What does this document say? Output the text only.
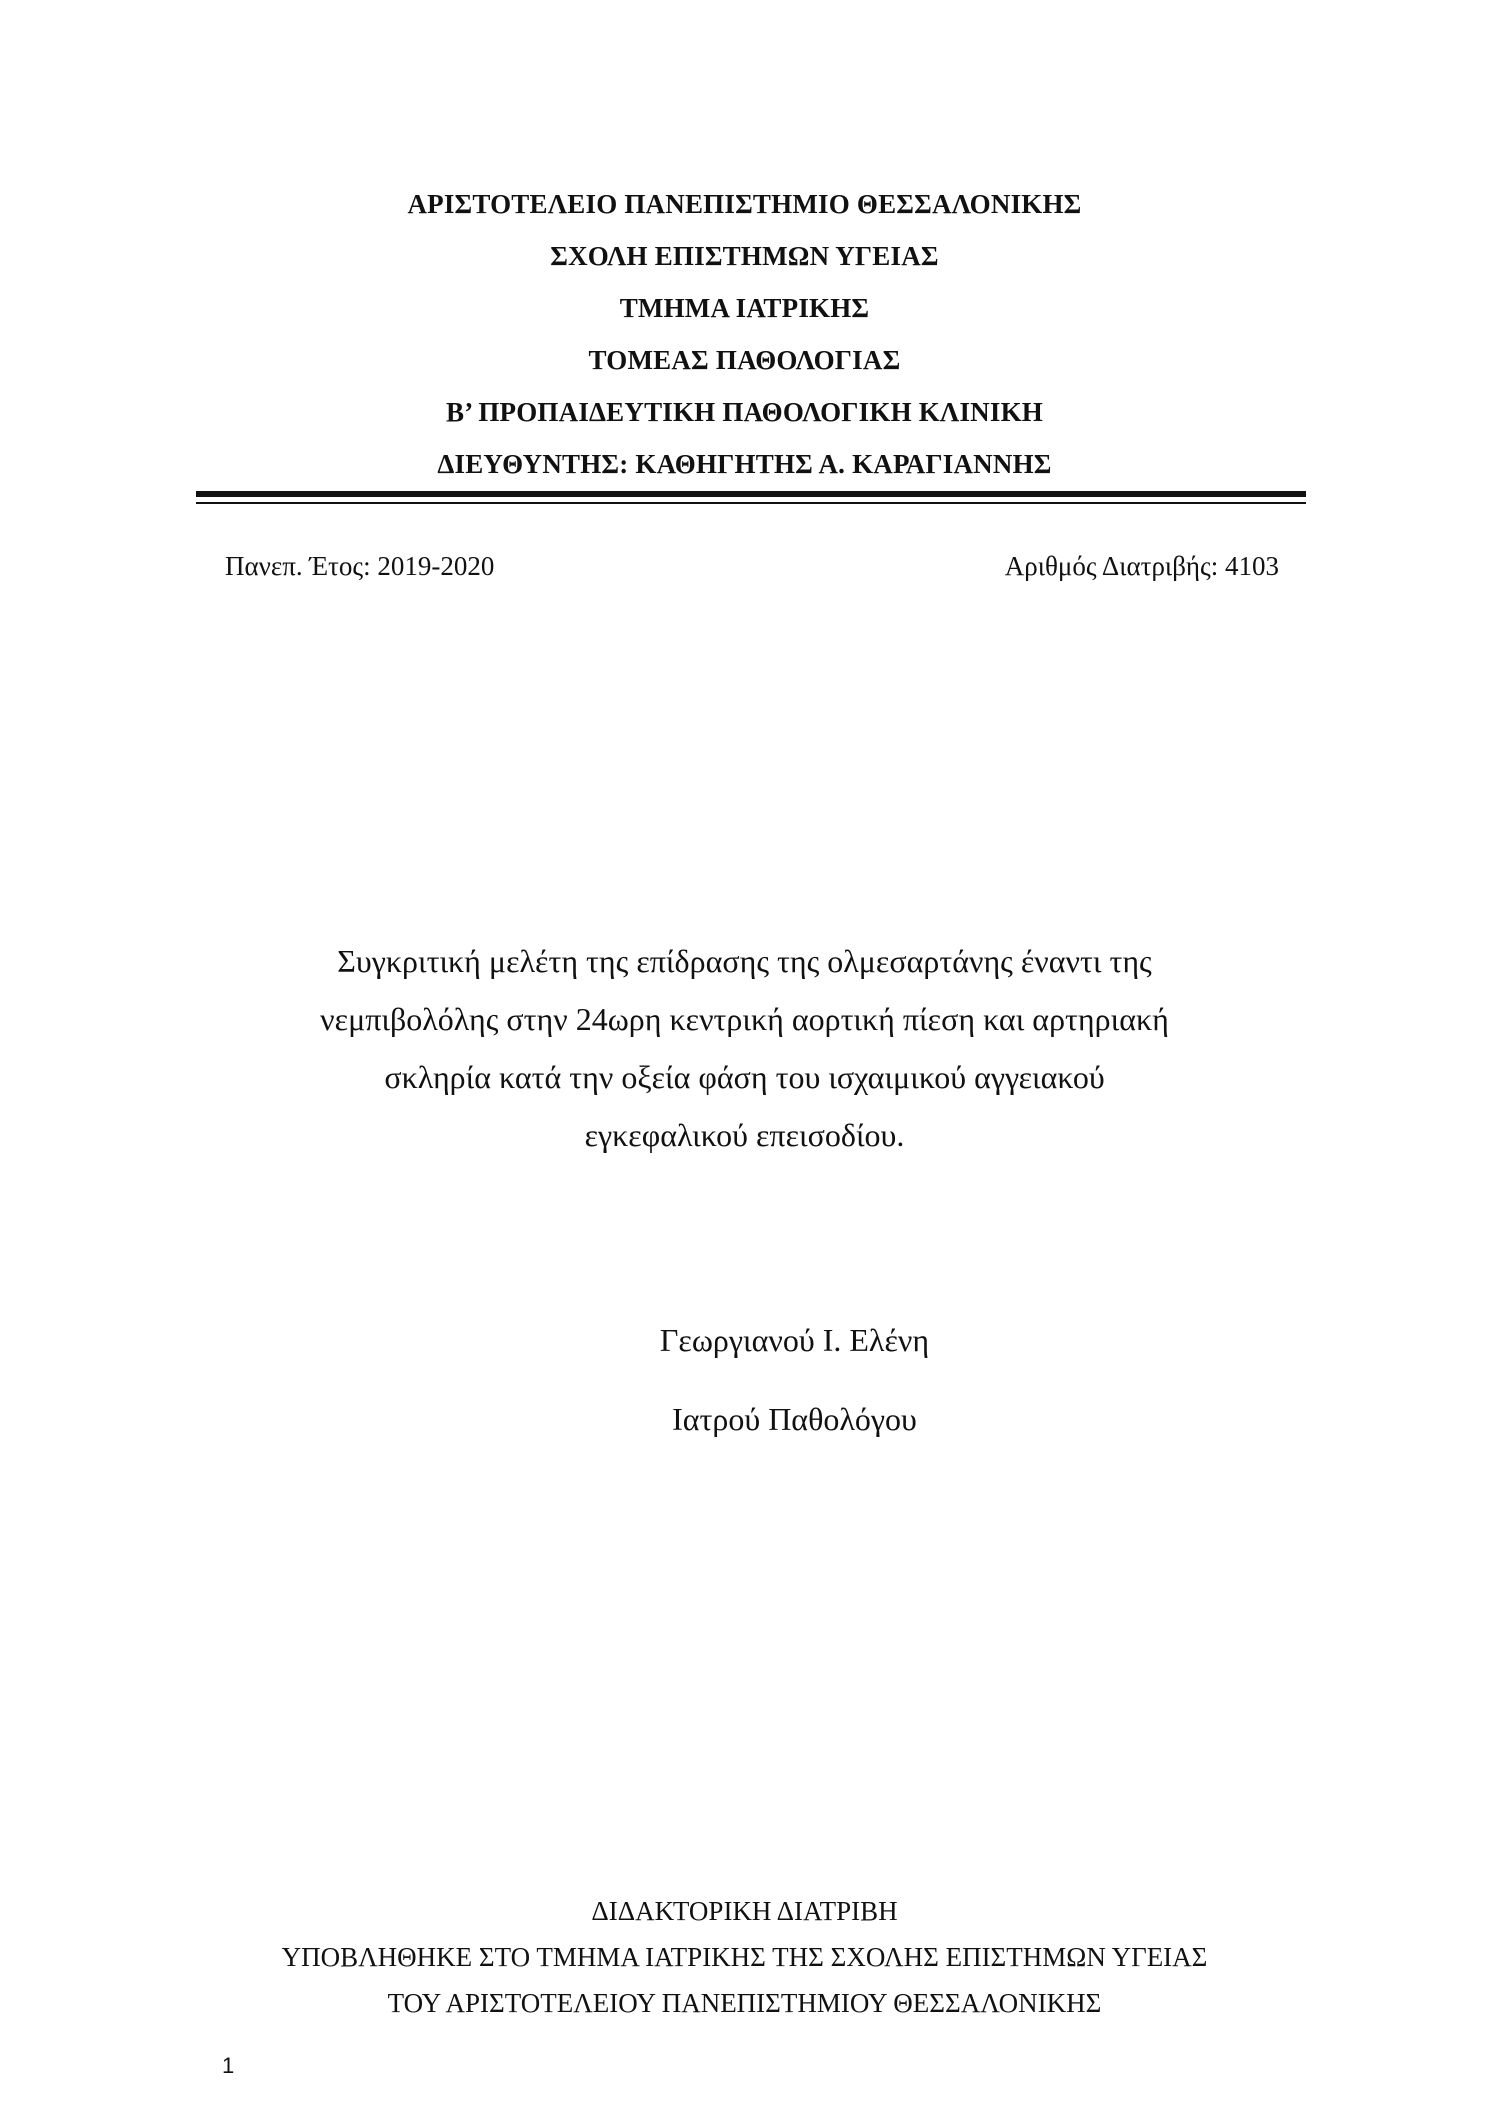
ΑΡΙΣΤΟΤΕΛΕΙΟ ΠΑΝΕΠΙΣΤΗΜΙΟ ΘΕΣΣΑΛΟΝΙΚΗΣ
ΣΧΟΛΗ ΕΠΙΣΤΗΜΩΝ ΥΓΕΙΑΣ
ΤΜΗΜΑ ΙΑΤΡΙΚΗΣ
ΤΟΜΕΑΣ ΠΑΘΟΛΟΓΙΑΣ
Β’ ΠΡΟΠΑΙΔΕΥΤΙΚΗ ΠΑΘΟΛΟΓΙΚΗ ΚΛΙΝΙΚΗ
ΔΙΕΥΘΥΝΤΗΣ: ΚΑΘΗΓΗΤΗΣ Α. ΚΑΡΑΓΙΑΝΝΗΣ
Πανεπ. Έτος: 2019-2020	Αριθμός Διατριβής: 4103
Συγκριτική μελέτη της επίδρασης της ολμεσαρτάνης έναντι της
νεμπιβολόλης στην 24ωρη κεντρική αορτική πίεση και αρτηριακή
σκληρία κατά την οξεία φάση του ισχαιμικού αγγειακού
εγκεφαλικού επεισοδίου.
Γεωργιανού Ι. Ελένη
Ιατρού Παθολόγου
ΔΙΔΑΚΤΟΡΙΚΗ ΔΙΑΤΡΙΒΗ
ΥΠΟΒΛΗΘΗΚΕ ΣΤΟ ΤΜΗΜΑ ΙΑΤΡΙΚΗΣ ΤΗΣ ΣΧΟΛΗΣ ΕΠΙΣΤΗΜΩΝ ΥΓΕΙΑΣ
ΤΟΥ ΑΡΙΣΤΟΤΕΛΕΙΟΥ ΠΑΝΕΠΙΣΤΗΜΙΟΥ ΘΕΣΣΑΛΟΝΙΚΗΣ
1
